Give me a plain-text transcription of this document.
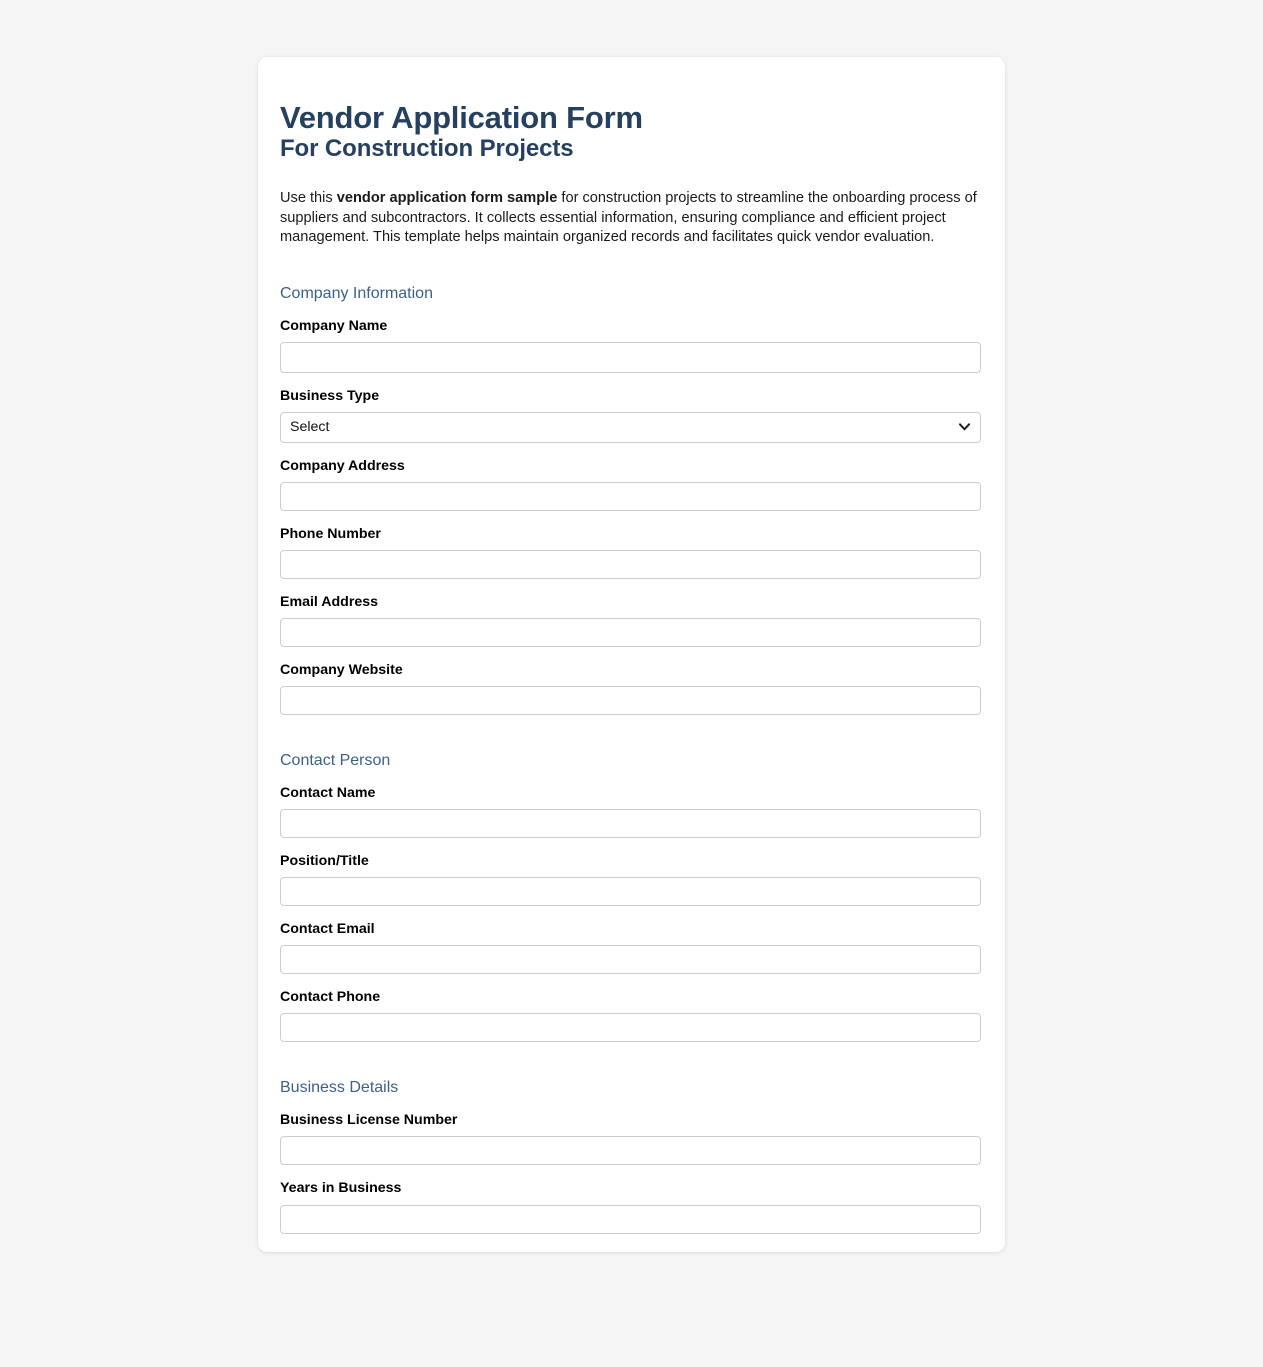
Vendor Application Form
For Construction Projects

Use this vendor application form sample for construction projects to streamline the onboarding process of suppliers and subcontractors. It collects essential information, ensuring compliance and efficient project management. This template helps maintain organized records and facilitates quick vendor evaluation.

Company Information
Company Name
Business Type
Select
Company Address
Phone Number
Email Address
Company Website
Contact Person
Contact Name
Position/Title
Contact Email
Contact Phone
Business Details
Business License Number
Years in Business
